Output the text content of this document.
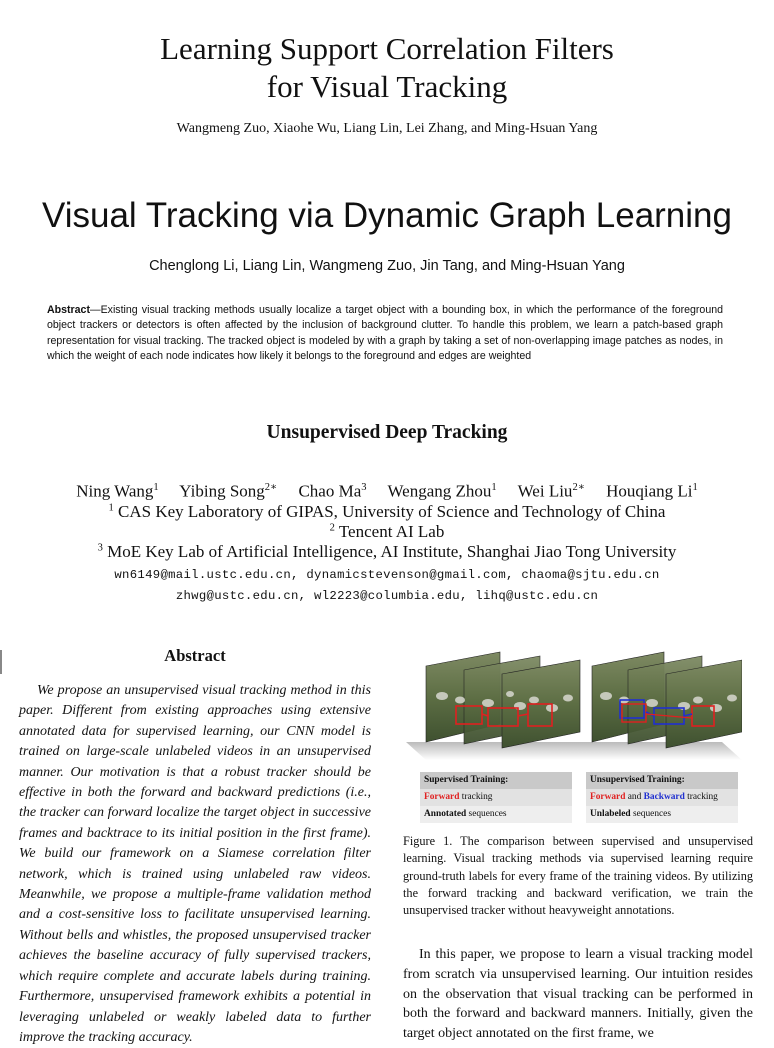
Learning Support Correlation Filters
for Visual Tracking
Wangmeng Zuo, Xiaohe Wu, Liang Lin, Lei Zhang, and Ming-Hsuan Yang
Visual Tracking via Dynamic Graph Learning
Chenglong Li, Liang Lin, Wangmeng Zuo, Jin Tang, and Ming-Hsuan Yang
Abstract—Existing visual tracking methods usually localize a target object with a bounding box, in which the performance of the foreground object trackers or detectors is often affected by the inclusion of background clutter. To handle this problem, we learn a patch-based graph representation for visual tracking. The tracked object is modeled by with a graph by taking a set of non-overlapping image patches as nodes, in which the weight of each node indicates how likely it belongs to the foreground and edges are weighted
Unsupervised Deep Tracking
Ning Wang$^1$ Yibing Song$^{2∗}$ Chao Ma$^3$ Wengang Zhou$^1$ Wei Liu$^{2∗}$ Houqiang Li$^1$
$^1$ CAS Key Laboratory of GIPAS, University of Science and Technology of China
$^2$ Tencent AI Lab
$^3$ MoE Key Lab of Artificial Intelligence, AI Institute, Shanghai Jiao Tong University
wn6149@mail.ustc.edu.cn, dynamicstevenson@gmail.com, chaoma@sjtu.edu.cn
zhwg@ustc.edu.cn, wl2223@columbia.edu, lihq@ustc.edu.cn
Abstract

We propose an unsupervised visual tracking method in this paper. Different from existing approaches using extensive annotated data for supervised learning, our CNN model is trained on large-scale unlabeled videos in an unsupervised manner. Our motivation is that a robust tracker should be effective in both the forward and backward predictions (i.e., the tracker can forward localize the target object in successive frames and backtrace to its initial position in the first frame). We build our framework on a Siamese correlation filter network, which is trained using unlabeled raw videos. Meanwhile, we propose a multiple-frame validation method and a cost-sensitive loss to facilitate unsupervised learning. Without bells and whistles, the proposed unsupervised tracker achieves the baseline accuracy of fully supervised trackers, which require complete and accurate labels during training. Furthermore, unsupervised framework exhibits a potential in leveraging unlabeled or weakly labeled data to further improve the tracking accuracy.

Supervised Training:
Forward tracking
Annotated sequences
Unsupervised Training:
Forward and Backward tracking
Unlabeled sequences
Figure 1. The comparison between supervised and unsupervised learning. Visual tracking methods via supervised learning require ground-truth labels for every frame of the training videos. By utilizing the forward tracking and backward verification, we train the unsupervised tracker without heavyweight annotations.

In this paper, we propose to learn a visual tracking model from scratch via unsupervised learning. Our intuition resides on the observation that visual tracking can be performed in both the forward and backward manners. Initially, given the target object annotated on the first frame, we
